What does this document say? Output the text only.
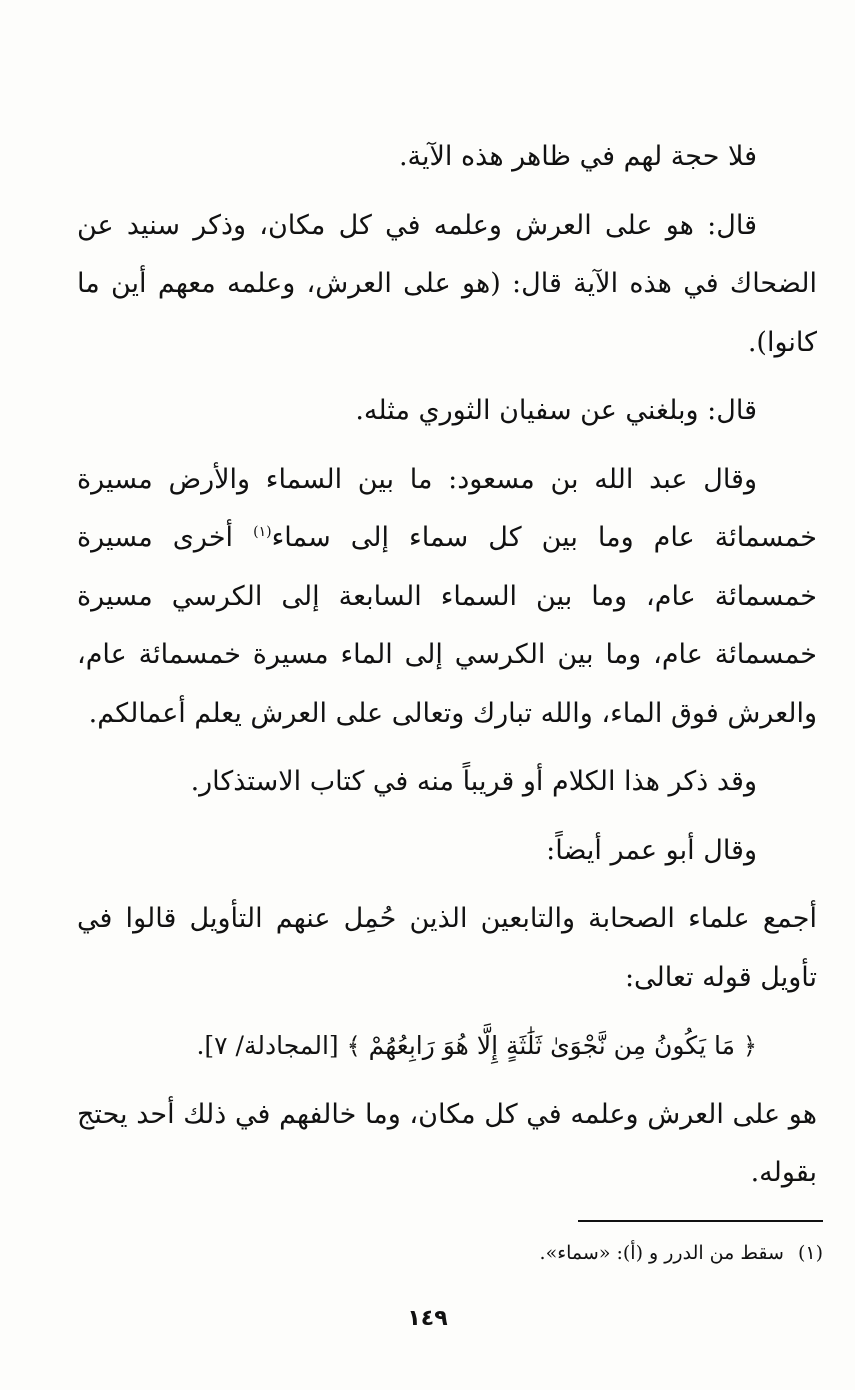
فلا حجة لهم في ظاهر هذه الآية.

قال: هو على العرش وعلمه في كل مكان، وذكر سنيد عن الضحاك في هذه الآية قال: (هو على العرش، وعلمه معهم أين ما كانوا).

قال: وبلغني عن سفيان الثوري مثله.

وقال عبد الله بن مسعود: ما بين السماء والأرض مسيرة خمسمائة عام وما بين كل سماء إلى سماء$^{(١)}$ أخرى مسيرة خمسمائة عام، وما بين السماء السابعة إلى الكرسي مسيرة خمسمائة عام، وما بين الكرسي إلى الماء مسيرة خمسمائة عام، والعرش فوق الماء، والله تبارك وتعالى على العرش يعلم أعمالكم.

وقد ذكر هذا الكلام أو قريباً منه في كتاب الاستذكار.

وقال أبو عمر أيضاً:

أجمع علماء الصحابة والتابعين الذين حُمِل عنهم التأويل قالوا في تأويل قوله تعالى:

﴿ مَا يَكُونُ مِن نَّجْوَىٰ ثَلَٰثَةٍ إِلَّا هُوَ رَابِعُهُمْ ﴾ [المجادلة/ ٧].

هو على العرش وعلمه في كل مكان، وما خالفهم في ذلك أحد يحتج بقوله.

(١)سقط من الدرر و (أ): «سماء».
١٤٩
